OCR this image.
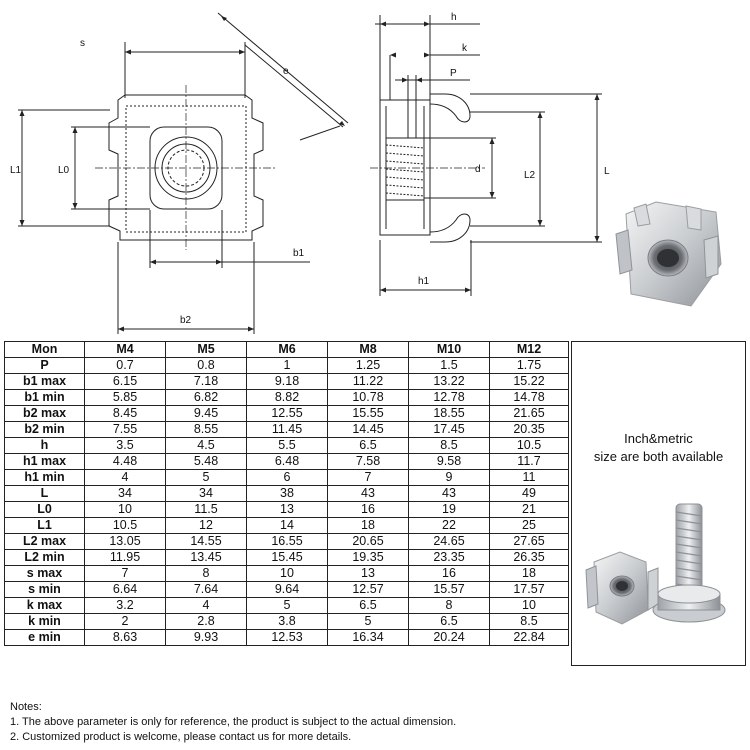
s
e
L1	L0
b1
b2
h
k
P
d
L2	L
h1
Mon	M4	M5	M6	M8	M10	M12
P	0.7	0.8	1	1.25	1.5	1.75
b1 max	6.15	7.18	9.18	11.22	13.22	15.22
b1 min	5.85	6.82	8.82	10.78	12.78	14.78
b2 max	8.45	9.45	12.55	15.55	18.55	21.65
b2 min	7.55	8.55	11.45	14.45	17.45	20.35
h	3.5	4.5	5.5	6.5	8.5	10.5
h1 max	4.48	5.48	6.48	7.58	9.58	11.7
h1 min	4	5	6	7	9	11
L	34	34	38	43	43	49
L0	10	11.5	13	16	19	21
L1	10.5	12	14	18	22	25
L2 max	13.05	14.55	16.55	20.65	24.65	27.65
L2 min	11.95	13.45	15.45	19.35	23.35	26.35
s max	7	8	10	13	16	18
s min	6.64	7.64	9.64	12.57	15.57	17.57
k max	3.2	4	5	6.5	8	10
k min	2	2.8	3.8	5	6.5	8.5
e min	8.63	9.93	12.53	16.34	20.24	22.84
Inch&metric
size are both available
Notes:
1. The above parameter is only for reference, the product is subject to the actual dimension.
2. Customized product is welcome, please contact us for more details.
